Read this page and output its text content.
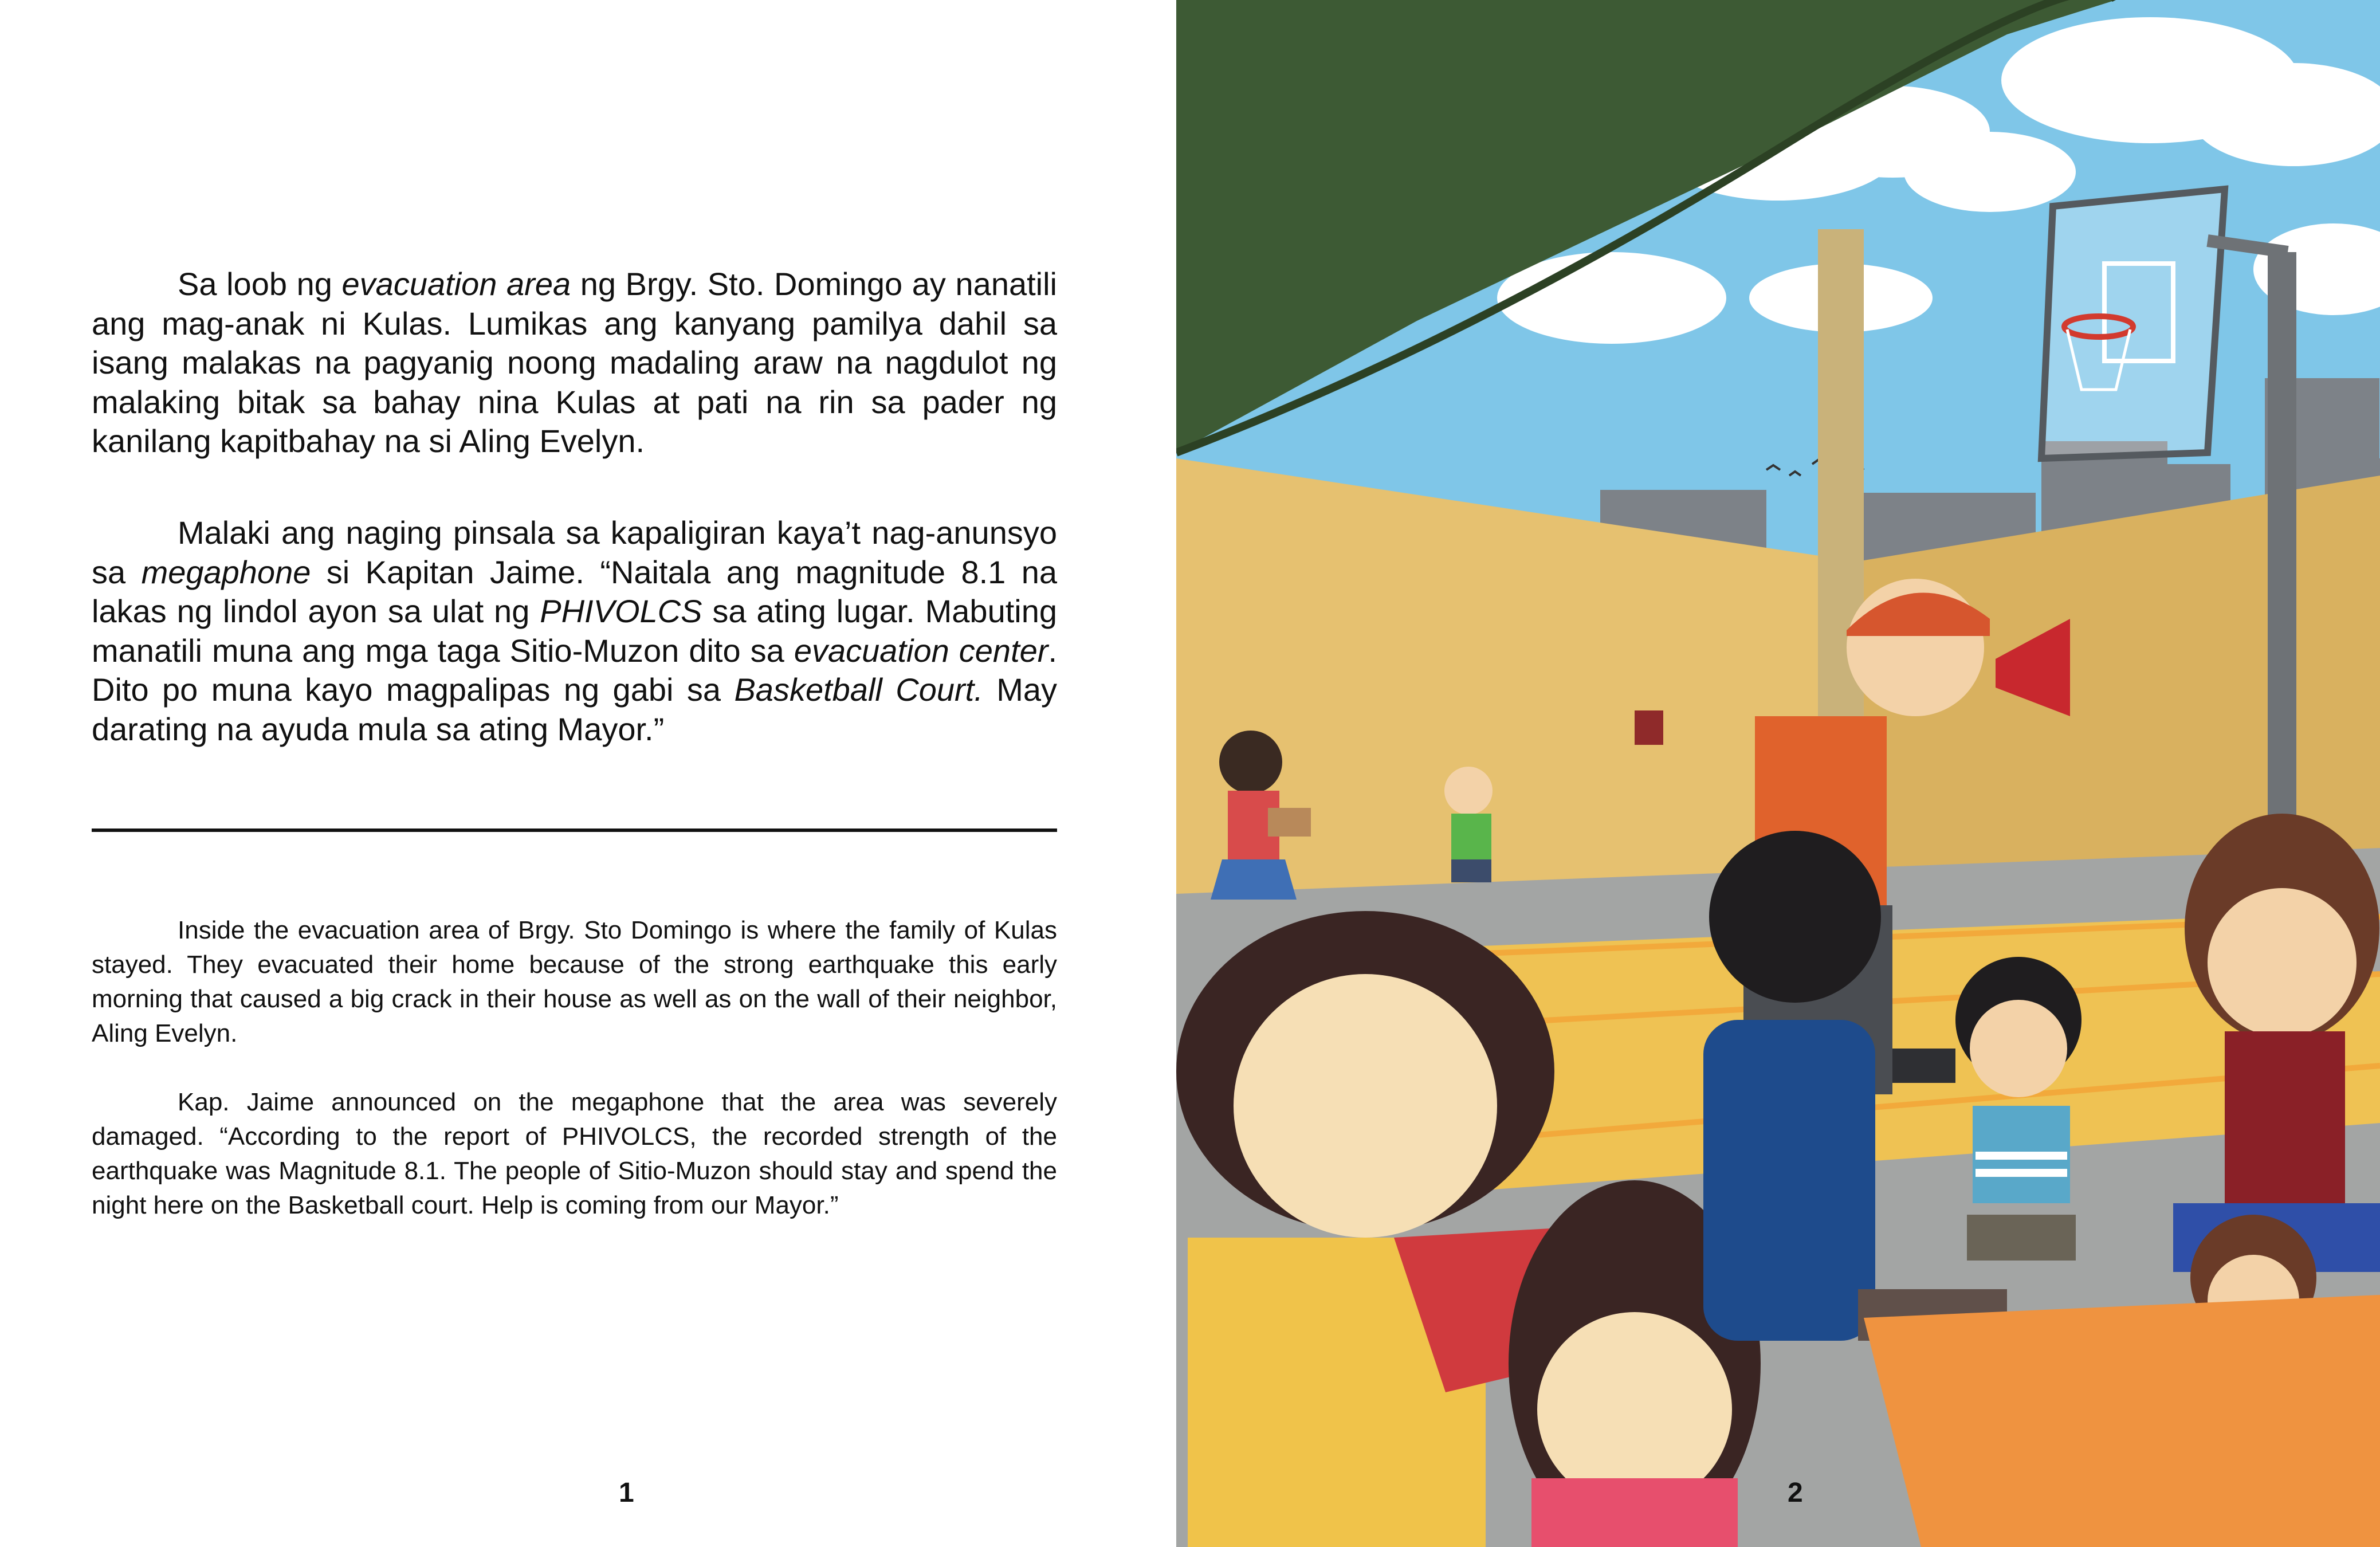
Sa loob ng evacuation area ng Brgy. Sto. Domingo ay nanatili ang mag-anak ni Kulas. Lumikas ang kanyang pamilya dahil sa isang malakas na pagyanig noong madaling araw na nagdulot ng malaking bitak sa bahay nina Kulas at pati na rin sa pader ng kanilang kapitbahay na si Aling Evelyn.

Malaki ang naging pinsala sa kapaligiran kaya’t nag-anunsyo sa megaphone si Kapitan Jaime. “Naitala ang magnitude 8.1 na lakas ng lindol ayon sa ulat ng PHIVOLCS sa ating lugar. Mabuting manatili muna ang mga taga Sitio-Muzon dito sa evacuation center. Dito po muna kayo magpalipas ng gabi sa Basketball Court. May darating na ayuda mula sa ating Mayor.”

Inside the evacuation area of Brgy. Sto Domingo is where the family of Kulas stayed. They evacuated their home because of the strong earthquake this early morning that caused a big crack in their house as well as on the wall of their neighbor, Aling Evelyn.

Kap. Jaime announced on the megaphone that the area was severely damaged. “According to the report of PHIVOLCS, the recorded strength of the earthquake was Magnitude 8.1. The people of Sitio-Muzon should stay and spend the night here on the Basketball court. Help is coming from our Mayor.”

1	2
